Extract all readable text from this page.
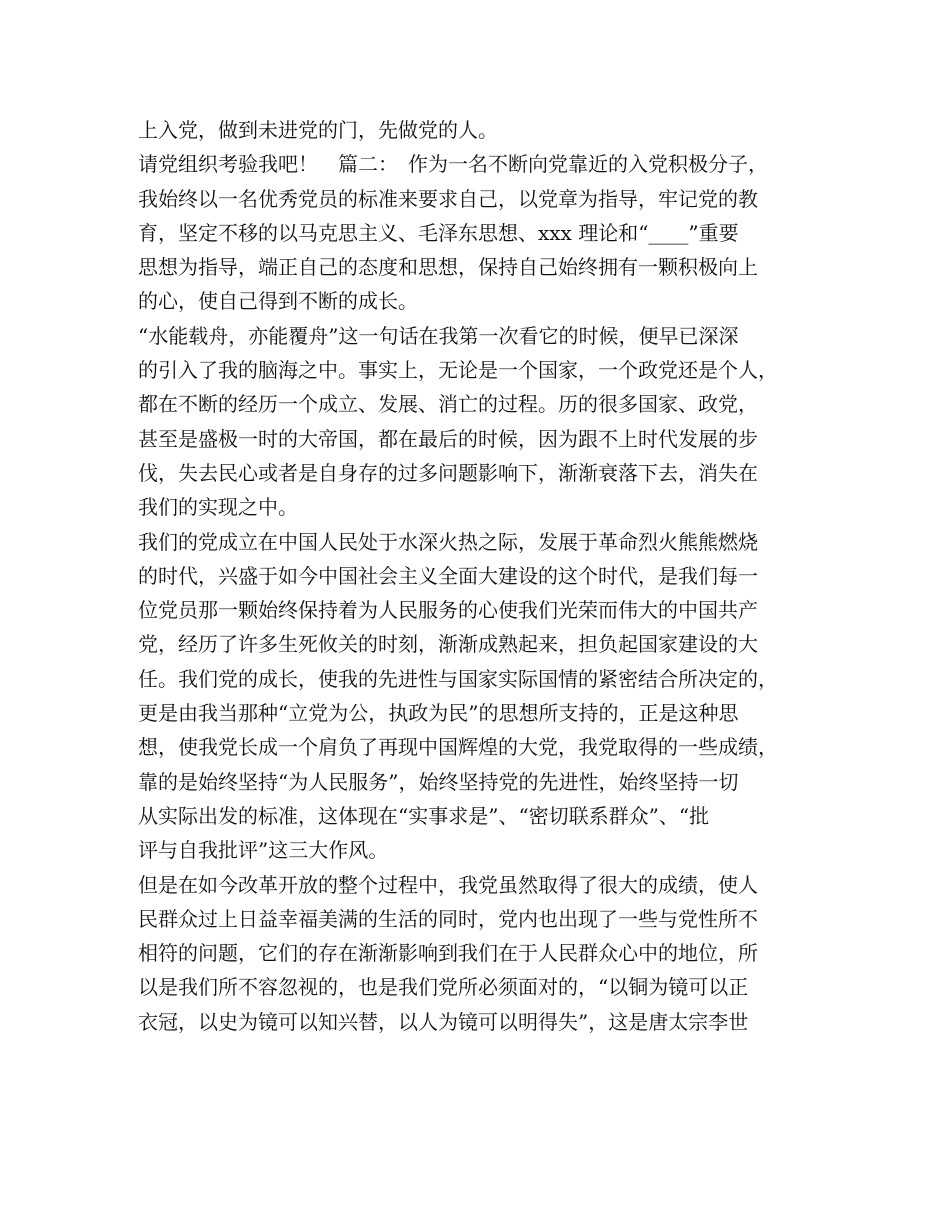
上入党，做到未进党的门，先做党的人。
请党组织考验我吧！　篇二：　作为一名不断向党靠近的入党积极分子，
我始终以一名优秀党员的标准来要求自己，以党章为指导，牢记党的教
育，坚定不移的以马克思主义、毛泽东思想、xxx 理论和“____”重要
思想为指导，端正自己的态度和思想，保持自己始终拥有一颗积极向上
的心，使自己得到不断的成长。
“水能载舟，亦能覆舟”这一句话在我第一次看它的时候，便早已深深
的引入了我的脑海之中。事实上，无论是一个国家，一个政党还是个人，
都在不断的经历一个成立、发展、消亡的过程。历的很多国家、政党，
甚至是盛极一时的大帝国，都在最后的时候，因为跟不上时代发展的步
伐，失去民心或者是自身存的过多问题影响下，渐渐衰落下去，消失在
我们的实现之中。
我们的党成立在中国人民处于水深火热之际，发展于革命烈火熊熊燃烧
的时代，兴盛于如今中国社会主义全面大建设的这个时代，是我们每一
位党员那一颗始终保持着为人民服务的心使我们光荣而伟大的中国共产
党，经历了许多生死攸关的时刻，渐渐成熟起来，担负起国家建设的大
任。我们党的成长，使我的先进性与国家实际国情的紧密结合所决定的，
更是由我当那种“立党为公，执政为民”的思想所支持的，正是这种思
想，使我党长成一个肩负了再现中国辉煌的大党，我党取得的一些成绩，
靠的是始终坚持“为人民服务”，始终坚持党的先进性，始终坚持一切
从实际出发的标准，这体现在“实事求是”、“密切联系群众”、“批
评与自我批评”这三大作风。
但是在如今改革开放的整个过程中，我党虽然取得了很大的成绩，使人
民群众过上日益幸福美满的生活的同时，党内也出现了一些与党性所不
相符的问题，它们的存在渐渐影响到我们在于人民群众心中的地位，所
以是我们所不容忽视的，也是我们党所必须面对的，“以铜为镜可以正
衣冠，以史为镜可以知兴替，以人为镜可以明得失”，这是唐太宗李世
